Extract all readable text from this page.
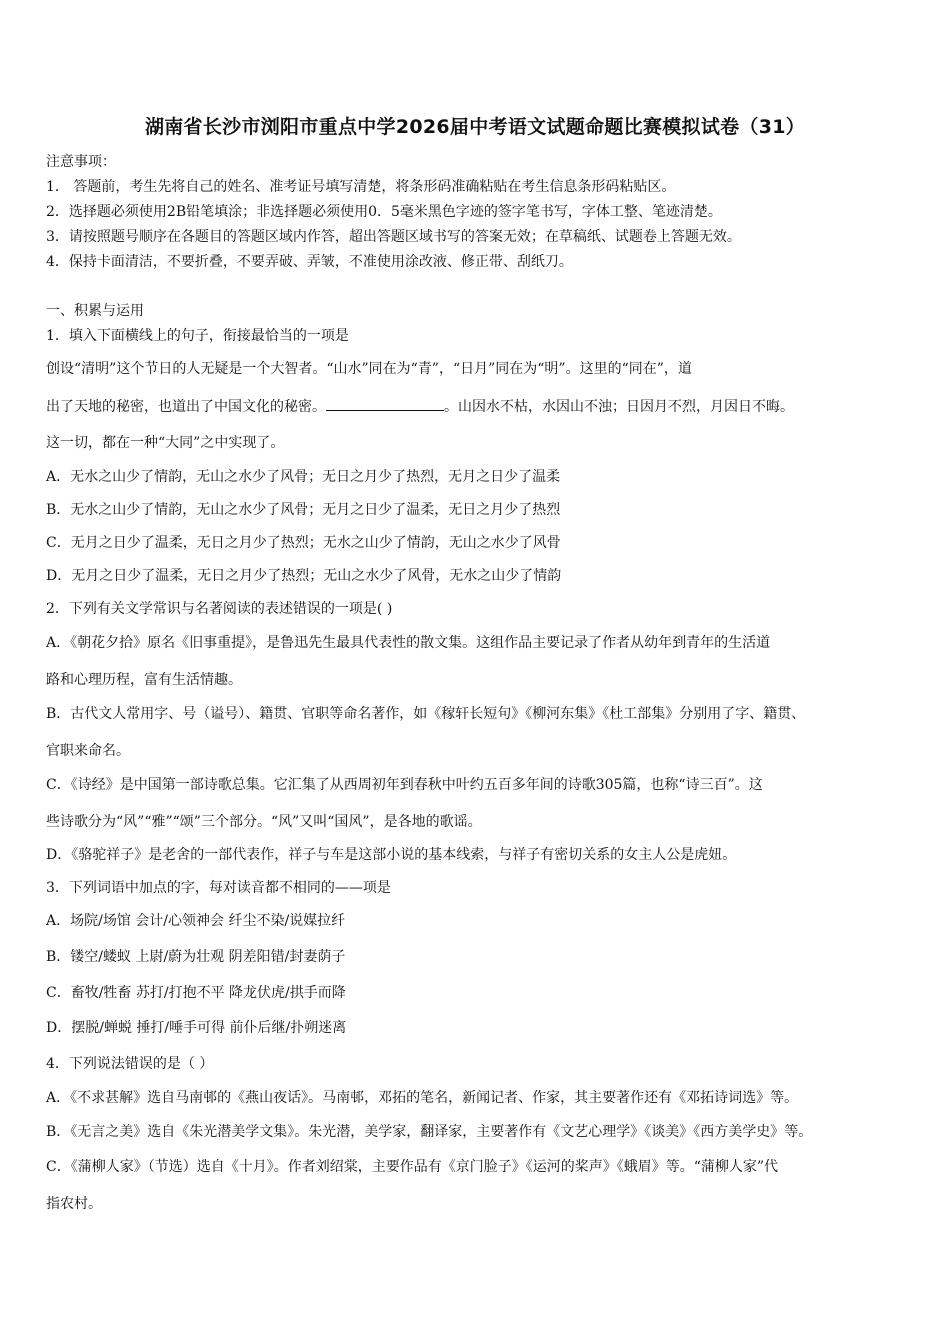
湖南省长沙市浏阳市重点中学2026届中考语文试题命题比赛模拟试卷（31）

注意事项：

1． 答题前，考生先将自己的姓名、准考证号填写清楚，将条形码准确粘贴在考生信息条形码粘贴区。

2．选择题必须使用2B铅笔填涂；非选择题必须使用0．5毫米黑色字迹的签字笔书写，字体工整、笔迹清楚。

3．请按照题号顺序在各题目的答题区域内作答，超出答题区域书写的答案无效；在草稿纸、试题卷上答题无效。

4．保持卡面清洁，不要折叠，不要弄破、弄皱，不准使用涂改液、修正带、刮纸刀。

一、积累与运用

1．填入下面横线上的句子，衔接最恰当的一项是

创设“清明”这个节日的人无疑是一个大智者。“山水”同在为“青”，“日月”同在为“明”。这里的“同在”，道

出了天地的秘密，也道出了中国文化的秘密。	。山因水不枯，水因山不浊；日因月不烈，月因日不晦。

这一切，都在一种“大同”之中实现了。

A．无水之山少了情韵，无山之水少了风骨；无日之月少了热烈，无月之日少了温柔

B．无水之山少了情韵，无山之水少了风骨；无月之日少了温柔，无日之月少了热烈

C．无月之日少了温柔，无日之月少了热烈；无水之山少了情韵，无山之水少了风骨

D．无月之日少了温柔，无日之月少了热烈；无山之水少了风骨，无水之山少了情韵

2．下列有关文学常识与名著阅读的表述错误的一项是( )

A．《朝花夕拾》原名《旧事重提》，是鲁迅先生最具代表性的散文集。这组作品主要记录了作者从幼年到青年的生活道

路和心理历程，富有生活情趣。

B．古代文人常用字、号（谥号）、籍贯、官职等命名著作，如《稼轩长短句》《柳河东集》《杜工部集》分别用了字、籍贯、

官职来命名。

C．《诗经》是中国第一部诗歌总集。它汇集了从西周初年到春秋中叶约五百多年间的诗歌305篇，也称“诗三百”。这

些诗歌分为“风”“雅”“颂”三个部分。“风”又叫“国风”，是各地的歌谣。

D．《骆驼祥子》是老舍的一部代表作，祥子与车是这部小说的基本线索，与祥子有密切关系的女主人公是虎妞。

3．下列词语中加点的字，每对读音都不相同的——项是

A．场院/场馆 会计/心领神会 纤尘不染/说媒拉纤

B．镂空/蝼蚁 上尉/蔚为壮观 阴差阳错/封妻荫子

C．畜牧/牲畜 苏打/打抱不平 降龙伏虎/拱手而降

D．摆脱/蝉蜕 捶打/唾手可得 前仆后继/扑朔迷离

4．下列说法错误的是（ ）

A．《不求甚解》选自马南邨的《燕山夜话》。马南邨，邓拓的笔名，新闻记者、作家，其主要著作还有《邓拓诗词选》等。

B．《无言之美》选自《朱光潜美学文集》。朱光潜，美学家，翻译家，主要著作有《文艺心理学》《谈美》《西方美学史》等。

C．《蒲柳人家》（节选）选自《十月》。作者刘绍棠，主要作品有《京门脸子》《运河的桨声》《蛾眉》等。“蒲柳人家”代

指农村。
